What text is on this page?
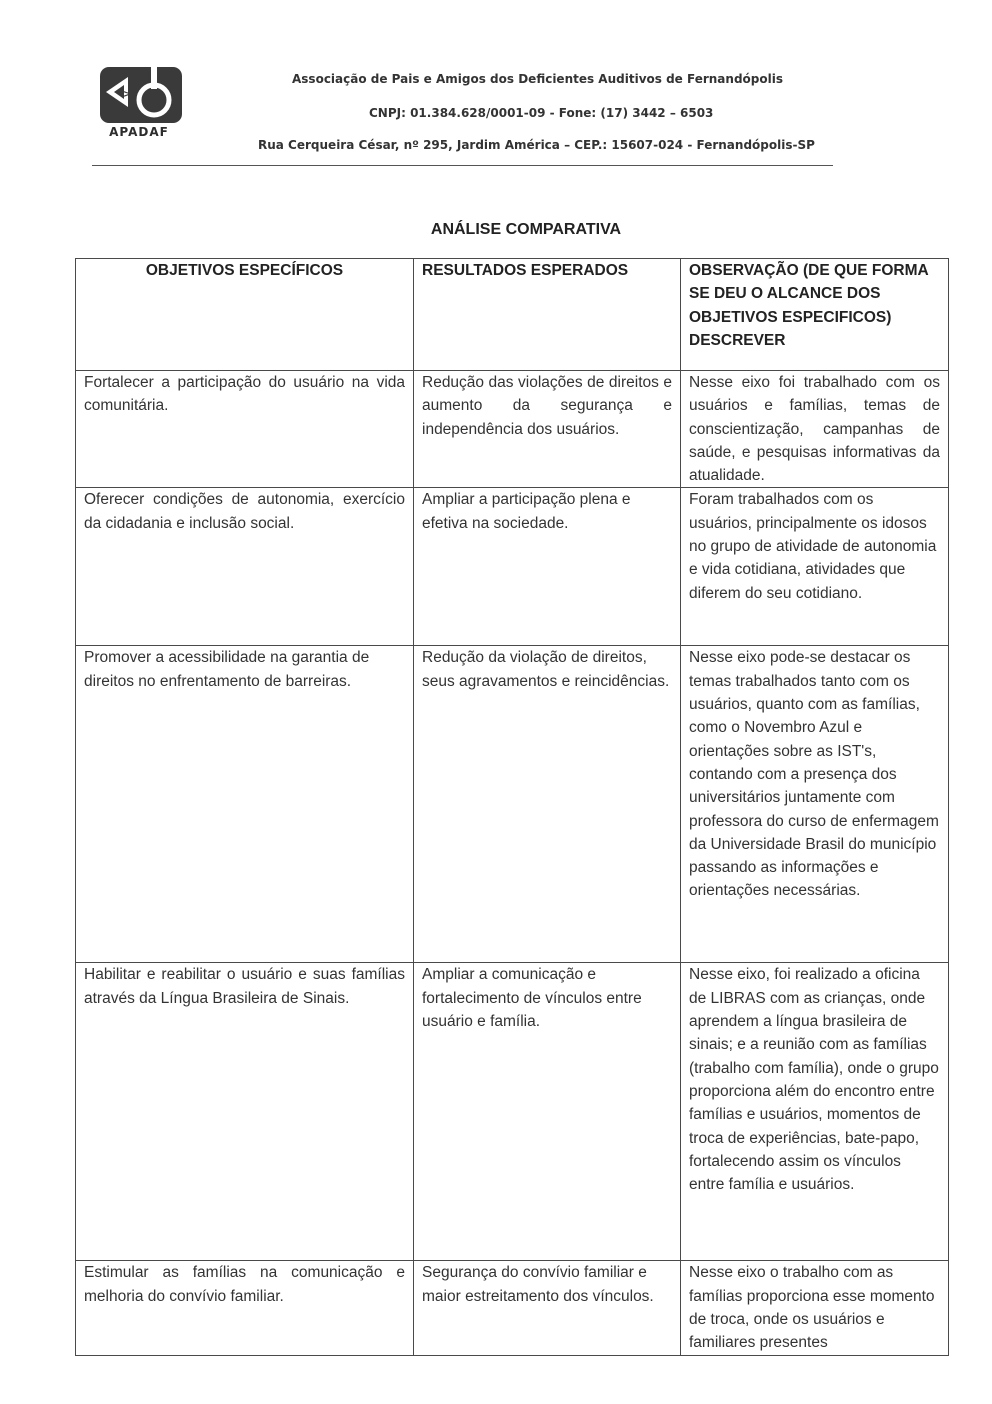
>
APADAF
Associação de Pais e Amigos dos Deficientes Auditivos de Fernandópolis
CNPJ: 01.384.628/0001-09 - Fone: (17) 3442 – 6503
Rua Cerqueira César, nº 295, Jardim América – CEP.: 15607-024 - Fernandópolis-SP
ANÁLISE COMPARATIVA
OBJETIVOS ESPECÍFICOS	RESULTADOS ESPERADOS	OBSERVAÇÃO (DE QUE FORMA SE DEU O ALCANCE DOS OBJETIVOS ESPECIFICOS) DESCREVER
Fortalecer a participação do usuário na vida comunitária.	Redução das violações de direitos e aumento da segurança e independência dos usuários.	Nesse eixo foi trabalhado com os usuários e famílias, temas de conscientização, campanhas de saúde, e pesquisas informativas da atualidade.
Oferecer condições de autonomia, exercício da cidadania e inclusão social.	Ampliar a participação plena e efetiva na sociedade.	Foram trabalhados com os usuários, principalmente os idosos no grupo de atividade de autonomia e vida cotidiana, atividades que diferem do seu cotidiano.
Promover a acessibilidade na garantia de direitos no enfrentamento de barreiras.	Redução da violação de direitos, seus agravamentos e reincidências.	Nesse eixo pode-se destacar os temas trabalhados tanto com os usuários, quanto com as famílias, como o Novembro Azul e orientações sobre as IST's, contando com a presença dos universitários juntamente com professora do curso de enfermagem da Universidade Brasil do município passando as informações e orientações necessárias.
Habilitar e reabilitar o usuário e suas famílias através da Língua Brasileira de Sinais.	Ampliar a comunicação e fortalecimento de vínculos entre usuário e família.	Nesse eixo, foi realizado a oficina de LIBRAS com as crianças, onde aprendem a língua brasileira de sinais; e a reunião com as famílias (trabalho com família), onde o grupo proporciona além do encontro entre famílias e usuários, momentos de troca de experiências, bate-papo, fortalecendo assim os vínculos entre família e usuários.
Estimular as famílias na comunicação e melhoria do convívio familiar.	Segurança do convívio familiar e maior estreitamento dos vínculos.	Nesse eixo o trabalho com as famílias proporciona esse momento de troca, onde os usuários e familiares presentes
